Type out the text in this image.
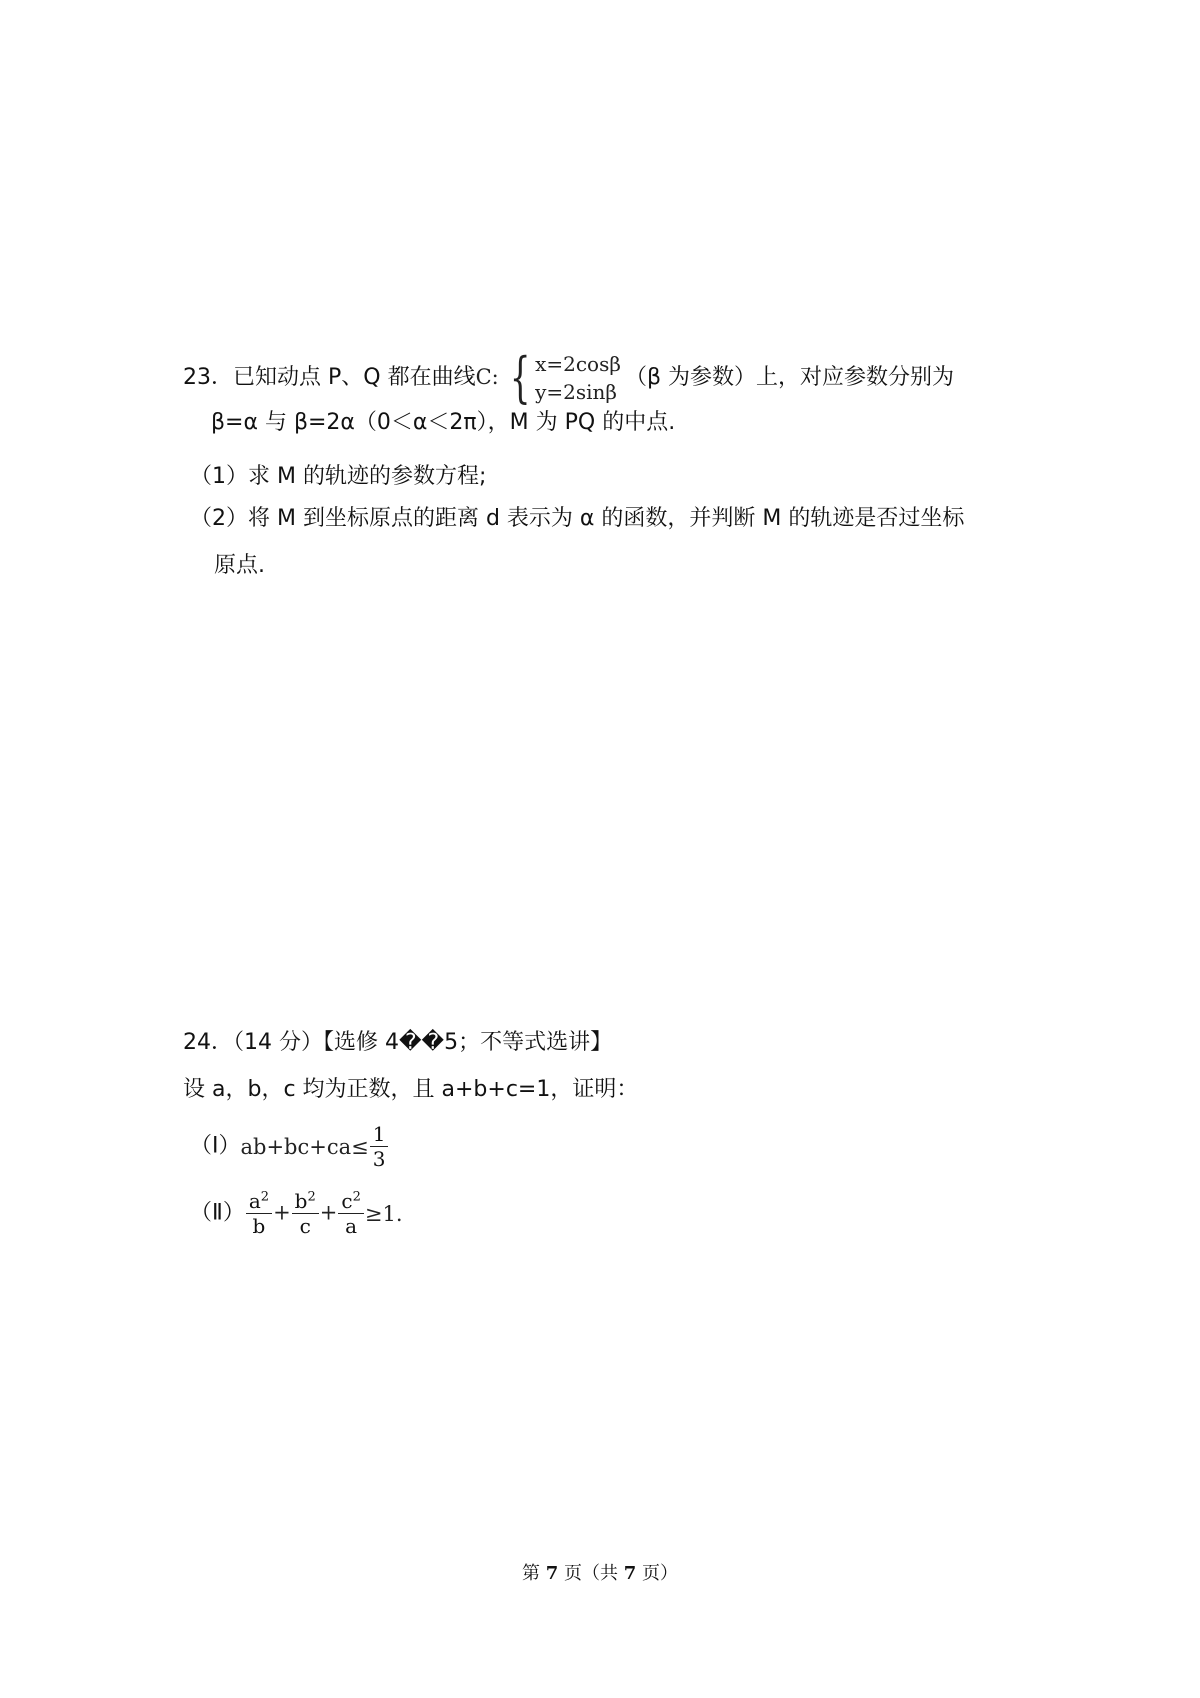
23．已知动点 P、Q 都在曲线C: { x=2cosβ
y=2sinβ
（β 为参数）上，对应参数分别为
β=α 与 β=2α（0＜α＜2π），M 为 PQ 的中点.
（1）求 M 的轨迹的参数方程;
（2）将 M 到坐标原点的距离 d 表示为 α 的函数，并判断 M 的轨迹是否过坐标
原点.
24．（14 分）【选修 4��5；不等式选讲】
设 a，b，c 均为正数，且 a+b+c=1，证明：
（Ⅰ）ab+bc+ca≤ $\frac{1}{3}$
（Ⅱ） $\frac{a^2}{b} + \frac{b^2}{c} + \frac{c^2}{a} \ge 1$.
第 7 页（共 7 页）
